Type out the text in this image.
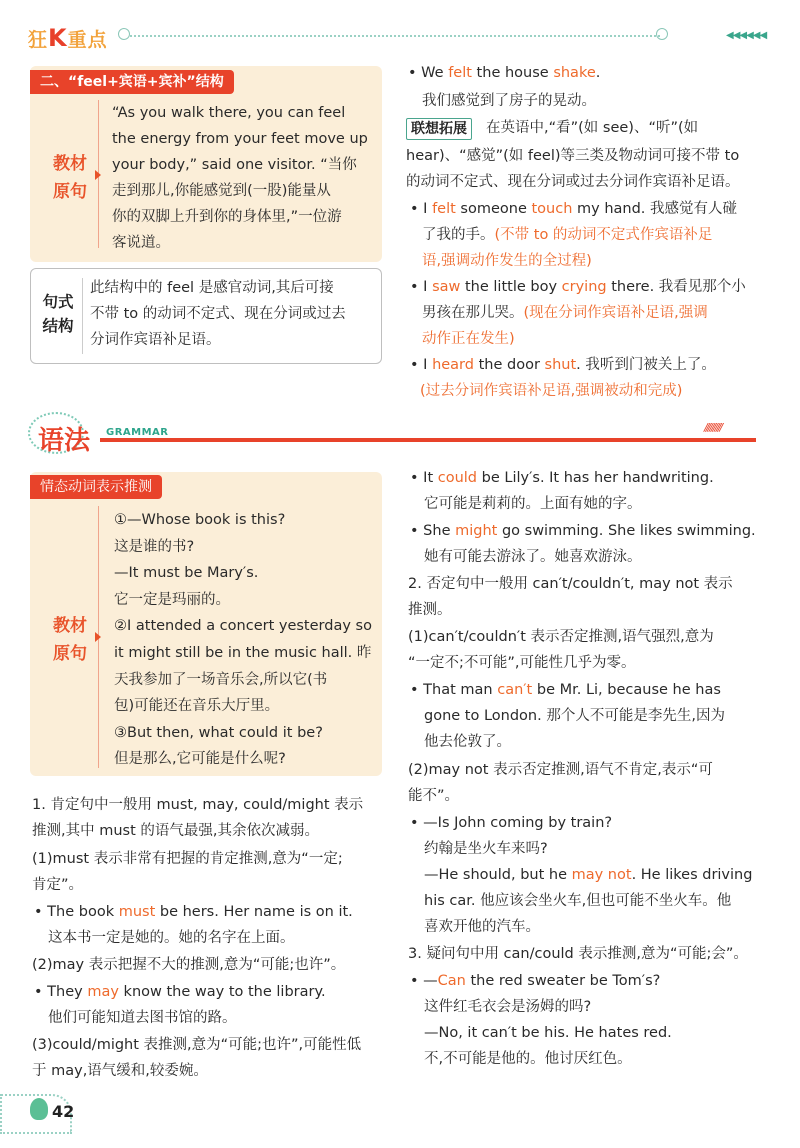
狂K重点	◀◀◀◀◀◀
二、“feel+宾语+宾补”结构
教材原句
“As you walk there, you can feel
the energy from your feet move up
your body,” said one visitor. “当你
走到那儿,你能感觉到(一股)能量从
你的双脚上升到你的身体里,”一位游
客说道。
句式结构
此结构中的 feel 是感官动词,其后可接
不带 to 的动词不定式、现在分词或过去
分词作宾语补足语。
• We felt the house shake.
我们感觉到了房子的晃动。
联想拓展	在英语中,“看”(如 see)、“听”(如
hear)、“感觉”(如 feel)等三类及物动词可接不带 to
的动词不定式、现在分词或过去分词作宾语补足语。
• I felt someone touch my hand. 我感觉有人碰
了我的手。(不带 to 的动词不定式作宾语补足
语,强调动作发生的全过程)
• I saw the little boy crying there. 我看见那个小
男孩在那儿哭。(现在分词作宾语补足语,强调
动作正在发生)
• I heard the door shut. 我听到门被关上了。
(过去分词作宾语补足语,强调被动和完成)
语法 GRAMMAR	//////////
情态动词表示推测
教材原句
①—Whose book is this?
这是谁的书?
—It must be Mary′s.
它一定是玛丽的。
②I attended a concert yesterday so
it might still be in the music hall. 昨
天我参加了一场音乐会,所以它(书
包)可能还在音乐大厅里。
③But then, what could it be?
但是那么,它可能是什么呢?
1. 肯定句中一般用 must, may, could/might 表示
推测,其中 must 的语气最强,其余依次减弱。
(1)must 表示非常有把握的肯定推测,意为“一定;
肯定”。
• The book must be hers. Her name is on it.
这本书一定是她的。她的名字在上面。
(2)may 表示把握不大的推测,意为“可能;也许”。
• They may know the way to the library.
他们可能知道去图书馆的路。
(3)could/might 表推测,意为“可能;也许”,可能性低
于 may,语气缓和,较委婉。
• It could be Lily′s. It has her handwriting.
它可能是莉莉的。上面有她的字。
• She might go swimming. She likes swimming.
她有可能去游泳了。她喜欢游泳。
2. 否定句中一般用 can′t/couldn′t, may not 表示
推测。
(1)can′t/couldn′t 表示否定推测,语气强烈,意为
“一定不;不可能”,可能性几乎为零。
• That man can′t be Mr. Li, because he has
gone to London. 那个人不可能是李先生,因为
他去伦敦了。
(2)may not 表示否定推测,语气不肯定,表示“可
能不”。
• —Is John coming by train?
约翰是坐火车来吗?
—He should, but he may not. He likes driving
his car. 他应该会坐火车,但也可能不坐火车。他
喜欢开他的汽车。
3. 疑问句中用 can/could 表示推测,意为“可能;会”。
• —Can the red sweater be Tom′s?
这件红毛衣会是汤姆的吗?
—No, it can′t be his. He hates red.
不,不可能是他的。他讨厌红色。
42
